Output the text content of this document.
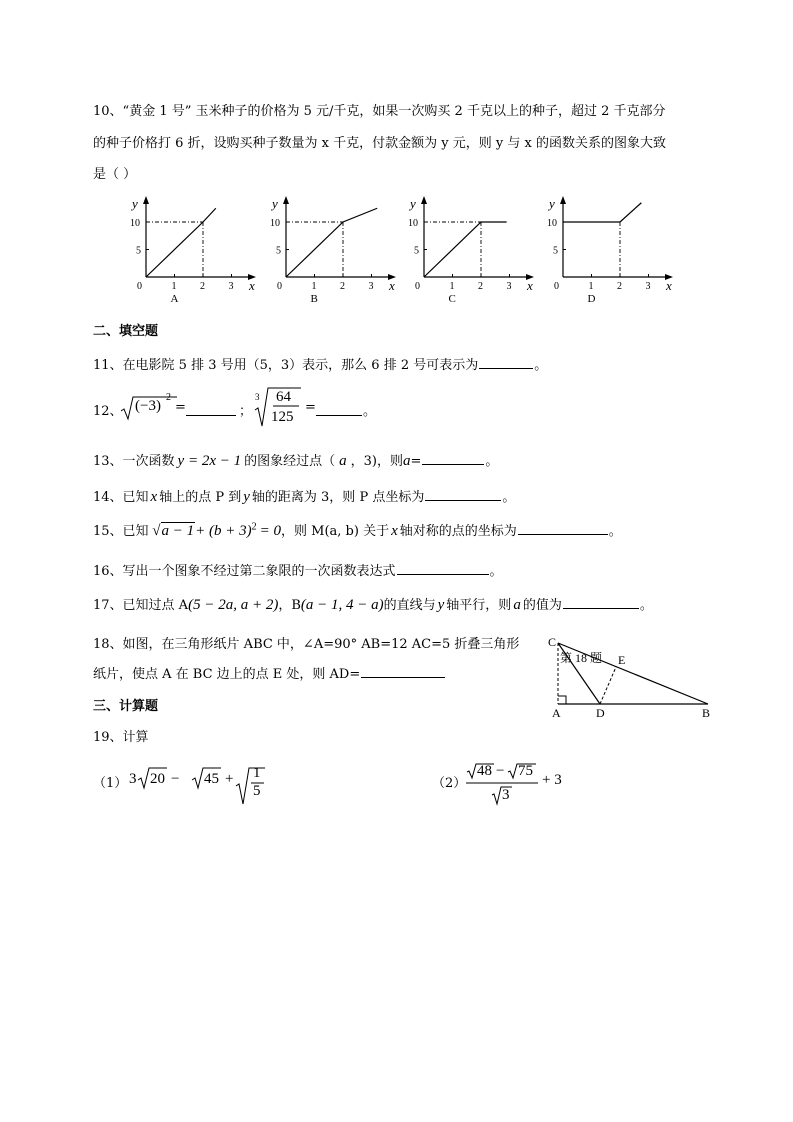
10、“黄金 1 号” 玉米种子的价格为 5 元/千克，如果一次购买 2 千克以上的种子，超过 2 千克部分
的种子价格打 6 折，设购买种子数量为 x 千克，付款金额为 y 元，则 y 与 x 的函数关系的图象大致
是（ ）
y
x
0	1 2 3
5
10
A
y
x
0	1 2 3
5
10
B
y
x
0	1 2 3
5
10
C
y
x
0	1 2 3
5
10
D
二、填空题
11、在电影院 5 排 3 号用（5，3）表示，那么 6 排 2 号可表示为	。
12、 (−3)
2
=	；
3 64
125
=	。
13、一次函数 y = 2x − 1 的图象经过点（ a ，3)，则a=	。
14、已知 x 轴上的点 P 到 y 轴的距离为 3，则 P 点坐标为	。
15、已知 $√a - 1+ (b + 3)^2 = 0$，则 M(a, b) 关于 x 轴对称的点的坐标为	。
16、写出一个图象不经过第二象限的一次函数表达式	。
17、已知过点 A(5 − 2a, a + 2)，B(a − 1, 4 − a)的直线与 y 轴平行，则 a 的值为	。
18、如图，在三角形纸片 ABC 中，∠A=90° AB=12 AC=5 折叠三角形
纸片，使点 A 在 BC 边上的点 E 处，则 AD=
C
E
A	D	B
第 18 题
三、计算题
19、计算
（1） 3 20 − 45 + 1
5	（2）
48 − 75
3
+ 3
